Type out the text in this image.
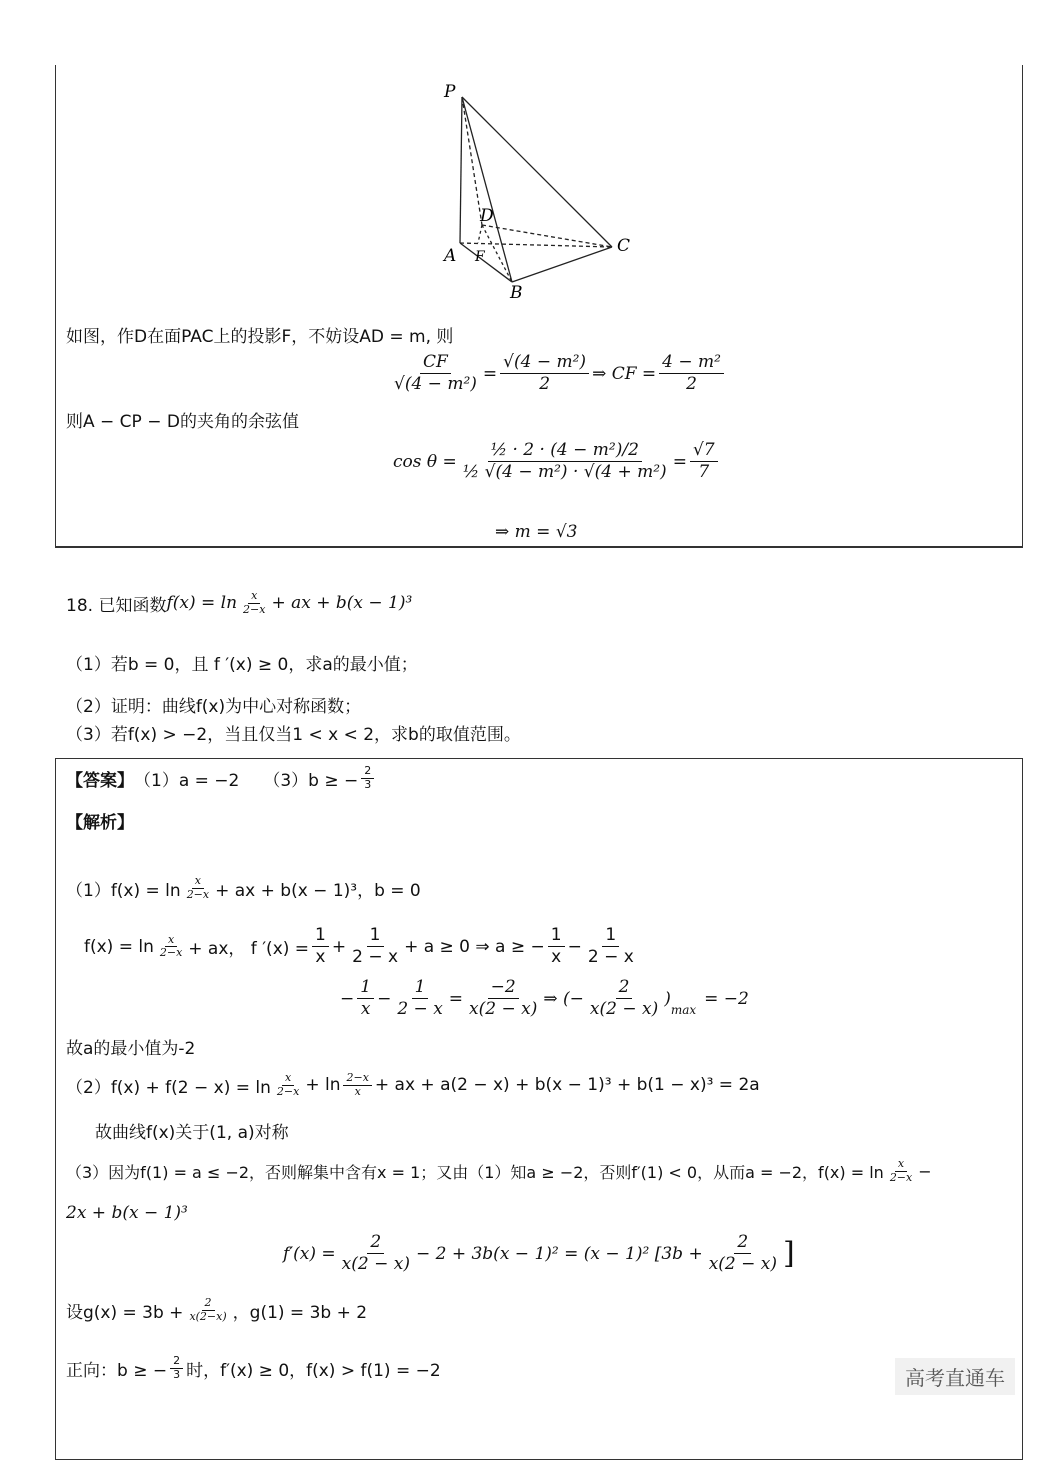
P
D
A F
C
B
如图，作D在面PAC上的投影F，不妨设AD = m, 则
$\frac{CF}{\text{√(4 − m²)}} = \frac{\text{√(4 − m²)}}{2}$ ⇒ CF = $\frac{\text{4 − m²}}{2}$
则A − CP − D的夹角的余弦值
$\cos \theta = \frac{\text{½ · 2 · (4 − m²)/2}}{\text{½ √(4 − m²) · √(4 + m²)}} = \frac{√7}{7}$
⇒ m = √3
18. 已知函数 $f(x) = \ln \frac{x}{2-x}$ + ax + b(x − 1)³
（1）若b = 0，且 f ′(x) ≥ 0，求a的最小值；
（2）证明：曲线f(x)为中心对称函数；
（3）若f(x) > −2，当且仅当1 < x < 2，求b的取值范围。
【答案】 （1）a = −2 （3）b ≥ − $\frac{2}{3}$
【解析】
$(1)f(x) = \ln \frac{x}{2-x}$ + ax + b(x − 1)³，b = 0
$f(x) = \ln \frac{x}{2-x}$ + ax， f $'(x) = \frac{1}{x} + \frac{1}{2 - x} + a \ge 0$ ⇒ a ≥ − $\frac{1}{x} - \frac{1}{2 - x}$
− $\frac{1}{x} - \frac{1}{2 - x} = \frac{-2}{x(2 - x)}$ ⇒ (− $\frac{2}{x(2 - x)}$ )
$_{max}$
= −2
故a的最小值为-2
$(2)f(x) + f(2 - x) = \ln \frac{x}{2-x} + \ln \frac{2-x}{x}$ + ax + a(2 − x) + b(x − 1)³ + b(1 − x)³ = 2a
故曲线f(x)关于(1, a)对称
（3）因为f(1) = a ≤ −2，否则解集中含有x = 1；又由（1）知a ≥ −2，否则f′(1) < 0，从而a = −2，$f(x) = \ln \frac{x}{2-x}$ −
2x + b(x − 1)³
$f'(x) = \frac{2}{x(2 - x)} - 2 + 3b(x - 1)^2 = (x - 1)^2$ [$3b + \frac{2}{x(2 - x)}$ ]
设$g(x) = 3b + \frac{2}{x(2-x)}$ ，g(1) = 3b + 2
正向：b ≥ − $\frac{2}{3}$ 时，f′(x) ≥ 0，f(x) > f(1) = −2	高考直通车
